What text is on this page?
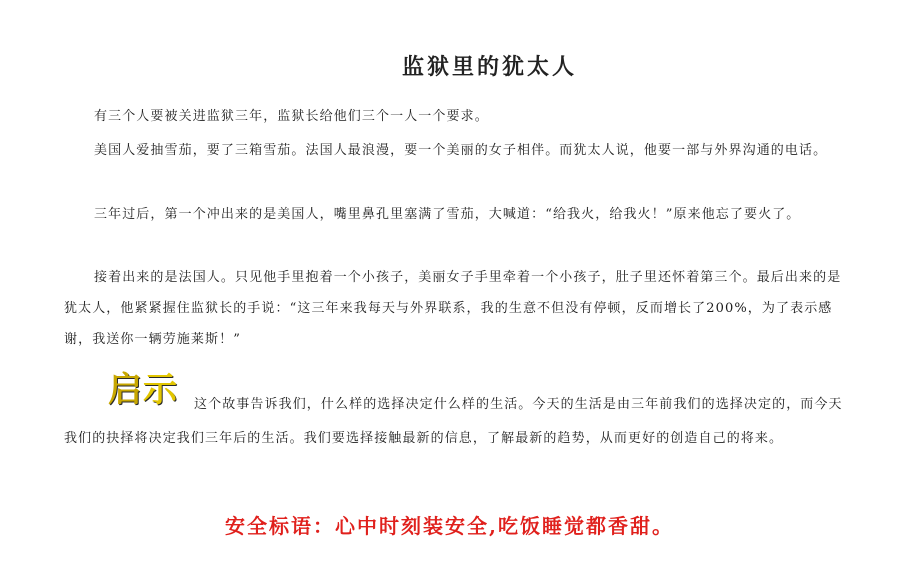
监狱里的犹太人

有三个人要被关进监狱三年，监狱长给他们三个一人一个要求。

美国人爱抽雪茄，要了三箱雪茄。法国人最浪漫，要一个美丽的女子相伴。而犹太人说，他要一部与外界沟通的电话。

三年过后，第一个冲出来的是美国人，嘴里鼻孔里塞满了雪茄，大喊道：“给我火，给我火！”原来他忘了要火了。

接着出来的是法国人。只见他手里抱着一个小孩子，美丽女子手里牵着一个小孩子，肚子里还怀着第三个。最后出来的是犹太人，他紧紧握住监狱长的手说：“这三年来我每天与外界联系，我的生意不但没有停顿，反而增长了200%，为了表示感谢，我送你一辆劳施莱斯！”

这个故事告诉我们，什么样的选择决定什么样的生活。今天的生活是由三年前我们的选择决定的，而今天我们的抉择将决定我们三年后的生活。我们要选择接触最新的信息，了解最新的趋势，从而更好的创造自己的将来。

启示
安全标语：心中时刻装安全,吃饭睡觉都香甜。
